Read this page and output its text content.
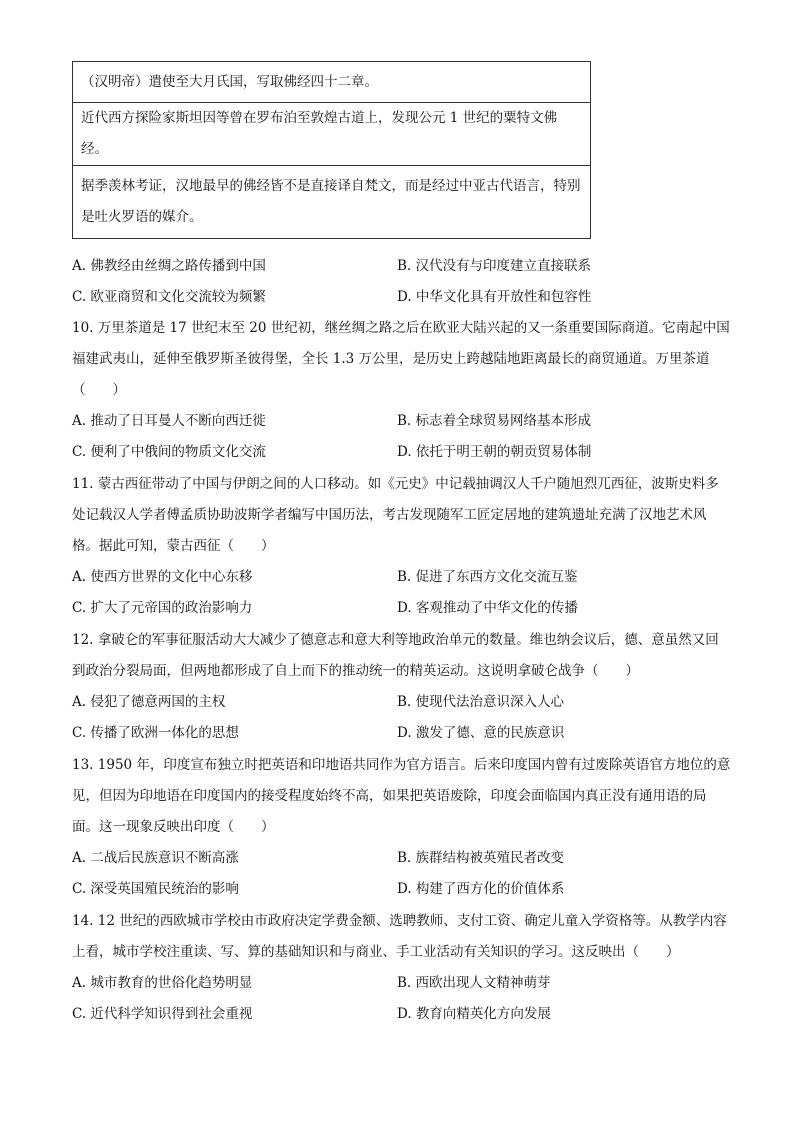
（汉明帝）遣使至大月氏国，写取佛经四十二章。
近代西方探险家斯坦因等曾在罗布泊至敦煌古道上，发现公元 1 世纪的粟特文佛经。
据季羡林考证，汉地最早的佛经皆不是直接译自梵文，而是经过中亚古代语言，特别是吐火罗语的媒介。
A. 佛教经由丝绸之路传播到中国	B. 汉代没有与印度建立直接联系
C. 欧亚商贸和文化交流较为频繁	D. 中华文化具有开放性和包容性
10. 万里茶道是 17 世纪末至 20 世纪初，继丝绸之路之后在欧亚大陆兴起的又一条重要国际商道。它南起中国福建武夷山，延伸至俄罗斯圣彼得堡，全长 1.3 万公里，是历史上跨越陆地距离最长的商贸通道。万里茶道（　　）
A. 推动了日耳曼人不断向西迁徙	B. 标志着全球贸易网络基本形成
C. 便利了中俄间的物质文化交流	D. 依托于明王朝的朝贡贸易体制
11. 蒙古西征带动了中国与伊朗之间的人口移动。如《元史》中记载抽调汉人千户随旭烈兀西征，波斯史料多处记载汉人学者傅孟质协助波斯学者编写中国历法，考古发现随军工匠定居地的建筑遗址充满了汉地艺术风格。据此可知，蒙古西征（　　）
A. 使西方世界的文化中心东移	B. 促进了东西方文化交流互鉴
C. 扩大了元帝国的政治影响力	D. 客观推动了中华文化的传播
12. 拿破仑的军事征服活动大大减少了德意志和意大利等地政治单元的数量。维也纳会议后，德、意虽然又回到政治分裂局面，但两地都形成了自上而下的推动统一的精英运动。这说明拿破仑战争（　　）
A. 侵犯了德意两国的主权	B. 使现代法治意识深入人心
C. 传播了欧洲一体化的思想	D. 激发了德、意的民族意识
13. 1950 年，印度宣布独立时把英语和印地语共同作为官方语言。后来印度国内曾有过废除英语官方地位的意见，但因为印地语在印度国内的接受程度始终不高，如果把英语废除，印度会面临国内真正没有通用语的局面。这一现象反映出印度（　　）
A. 二战后民族意识不断高涨	B. 族群结构被英殖民者改变
C. 深受英国殖民统治的影响	D. 构建了西方化的价值体系
14. 12 世纪的西欧城市学校由市政府决定学费金额、选聘教师、支付工资、确定儿童入学资格等。从教学内容上看，城市学校注重读、写、算的基础知识和与商业、手工业活动有关知识的学习。这反映出（　　）
A. 城市教育的世俗化趋势明显	B. 西欧出现人文精神萌芽
C. 近代科学知识得到社会重视	D. 教育向精英化方向发展
